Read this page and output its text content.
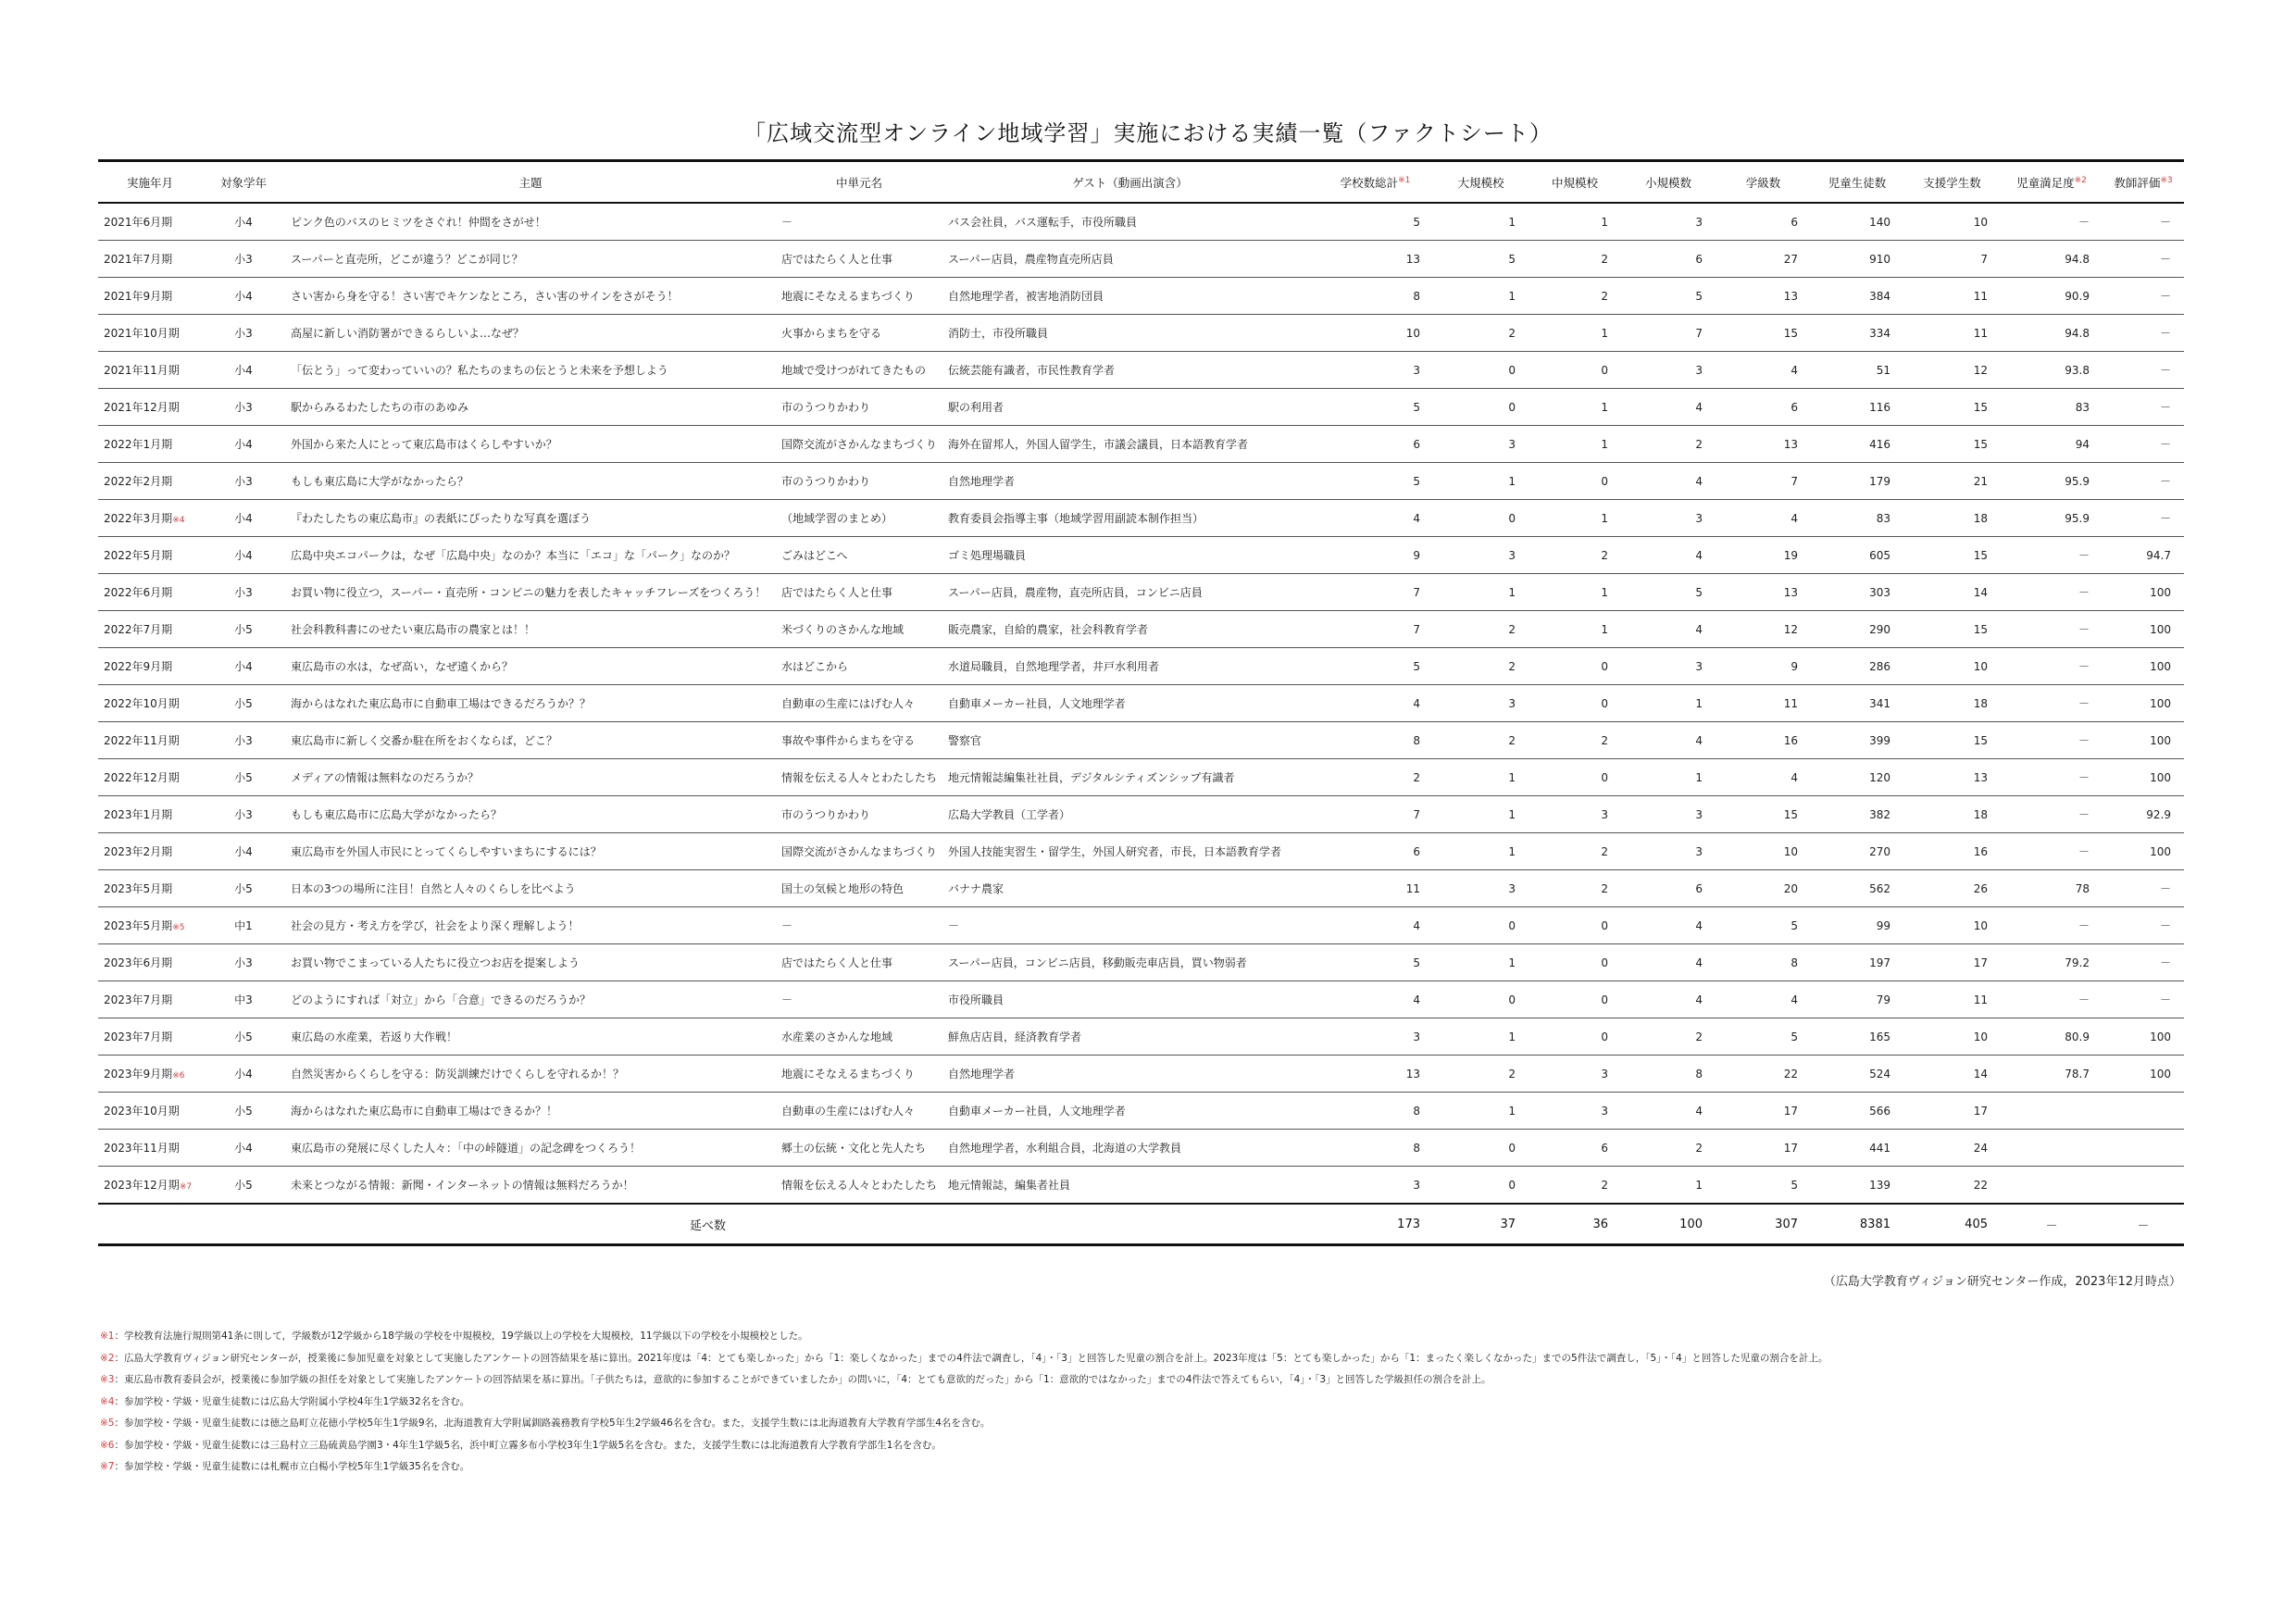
「広域交流型オンライン地域学習」実施における実績一覧（ファクトシート）
実施年月	対象学年	主題	中単元名	ゲスト（動画出演含）	学校数総計$^{※1}$	大規模校	中規模校	小規模数	学級数	児童生徒数	支援学生数	児童満足度$^{※2}$	教師評価$^{※3}$
2021年6月期	小4	ピンク色のバスのヒミツをさぐれ！仲間をさがせ！	－	バス会社員，バス運転手，市役所職員	5	1	1	3	6	140	10	－	－
2021年7月期	小3	スーパーと直売所，どこが違う？どこが同じ？	店ではたらく人と仕事	スーパー店員，農産物直売所店員	13	5	2	6	27	910	7	94.8	－
2021年9月期	小4	さい害から身を守る！さい害でキケンなところ，さい害のサインをさがそう！	地震にそなえるまちづくり	自然地理学者，被害地消防団員	8	1	2	5	13	384	11	90.9	－
2021年10月期	小3	高屋に新しい消防署ができるらしいよ…なぜ？	火事からまちを守る	消防士，市役所職員	10	2	1	7	15	334	11	94.8	－
2021年11月期	小4	「伝とう」って変わっていいの？私たちのまちの伝とうと未来を予想しよう	地域で受けつがれてきたもの	伝統芸能有識者，市民性教育学者	3	0	0	3	4	51	12	93.8	－
2021年12月期	小3	駅からみるわたしたちの市のあゆみ	市のうつりかわり	駅の利用者	5	0	1	4	6	116	15	83	－
2022年1月期	小4	外国から来た人にとって東広島市はくらしやすいか？	国際交流がさかんなまちづくり	海外在留邦人，外国人留学生，市議会議員，日本語教育学者	6	3	1	2	13	416	15	94	－
2022年2月期	小3	もしも東広島に大学がなかったら？	市のうつりかわり	自然地理学者	5	1	0	4	7	179	21	95.9	－
2022年3月期※4	小4	『わたしたちの東広島市』の表紙にぴったりな写真を選ぼう	（地域学習のまとめ）	教育委員会指導主事（地域学習用副読本制作担当）	4	0	1	3	4	83	18	95.9	－
2022年5月期	小4	広島中央エコパークは，なぜ「広島中央」なのか？本当に「エコ」な「パーク」なのか？	ごみはどこへ	ゴミ処理場職員	9	3	2	4	19	605	15	－	94.7
2022年6月期	小3	お買い物に役立つ，スーパー・直売所・コンビニの魅力を表したキャッチフレーズをつくろう！	店ではたらく人と仕事	スーパー店員，農産物，直売所店員，コンビニ店員	7	1	1	5	13	303	14	－	100
2022年7月期	小5	社会科教科書にのせたい東広島市の農家とは！！	米づくりのさかんな地域	販売農家，自給的農家，社会科教育学者	7	2	1	4	12	290	15	－	100
2022年9月期	小4	東広島市の水は，なぜ高い，なぜ遠くから？	水はどこから	水道局職員，自然地理学者，井戸水利用者	5	2	0	3	9	286	10	－	100
2022年10月期	小5	海からはなれた東広島市に自動車工場はできるだろうか？？	自動車の生産にはげむ人々	自動車メーカー社員，人文地理学者	4	3	0	1	11	341	18	－	100
2022年11月期	小3	東広島市に新しく交番か駐在所をおくならば，どこ？	事故や事件からまちを守る	警察官	8	2	2	4	16	399	15	－	100
2022年12月期	小5	メディアの情報は無料なのだろうか？	情報を伝える人々とわたしたち	地元情報誌編集社社員，デジタルシティズンシップ有識者	2	1	0	1	4	120	13	－	100
2023年1月期	小3	もしも東広島市に広島大学がなかったら？	市のうつりかわり	広島大学教員（工学者）	7	1	3	3	15	382	18	－	92.9
2023年2月期	小4	東広島市を外国人市民にとってくらしやすいまちにするには？	国際交流がさかんなまちづくり	外国人技能実習生・留学生，外国人研究者，市長，日本語教育学者	6	1	2	3	10	270	16	－	100
2023年5月期	小5	日本の3つの場所に注目！自然と人々のくらしを比べよう	国土の気候と地形の特色	バナナ農家	11	3	2	6	20	562	26	78	－
2023年5月期※5	中1	社会の見方・考え方を学び，社会をより深く理解しよう！	－	－	4	0	0	4	5	99	10	－	－
2023年6月期	小3	お買い物でこまっている人たちに役立つお店を提案しよう	店ではたらく人と仕事	スーパー店員，コンビニ店員，移動販売車店員，買い物弱者	5	1	0	4	8	197	17	79.2	－
2023年7月期	中3	どのようにすれば「対立」から「合意」できるのだろうか？	－	市役所職員	4	0	0	4	4	79	11	－	－
2023年7月期	小5	東広島の水産業，若返り大作戦！	水産業のさかんな地域	鮮魚店店員，経済教育学者	3	1	0	2	5	165	10	80.9	100
2023年9月期※6	小4	自然災害からくらしを守る：防災訓練だけでくらしを守れるか！？	地震にそなえるまちづくり	自然地理学者	13	2	3	8	22	524	14	78.7	100
2023年10月期	小5	海からはなれた東広島市に自動車工場はできるか？！	自動車の生産にはげむ人々	自動車メーカー社員，人文地理学者	8	1	3	4	17	566	17		
2023年11月期	小4	東広島市の発展に尽くした人々：「中の峠隧道」の記念碑をつくろう！	郷土の伝統・文化と先人たち	自然地理学者，水利組合員，北海道の大学教員	8	0	6	2	17	441	24		
2023年12月期※7	小5	未来とつながる情報：新聞・インターネットの情報は無料だろうか！	情報を伝える人々とわたしたち	地元情報誌，編集者社員	3	0	2	1	5	139	22		
延べ数					173	37	36	100	307	8381	405	－	－
（広島大学教育ヴィジョン研究センター作成，2023年12月時点）
※1：学校教育法施行規則第41条に則して，学級数が12学級から18学級の学校を中規模校，19学級以上の学校を大規模校，11学級以下の学校を小規模校とした。
※2：広島大学教育ヴィジョン研究センターが，授業後に参加児童を対象として実施したアンケートの回答結果を基に算出。2021年度は「4：とても楽しかった」から「1：楽しくなかった」までの4件法で調査し，「4」・「3」と回答した児童の割合を計上。2023年度は「5：とても楽しかった」から「1：まったく楽しくなかった」までの5件法で調査し，「5」・「4」と回答した児童の割合を計上。
※3：東広島市教育委員会が，授業後に参加学級の担任を対象として実施したアンケートの回答結果を基に算出。「子供たちは，意欲的に参加することができていましたか」の問いに，「4：とても意欲的だった」から「1：意欲的ではなかった」までの4件法で答えてもらい，「4」・「3」と回答した学級担任の割合を計上。
※4：参加学校・学級・児童生徒数には広島大学附属小学校4年生1学級32名を含む。
※5：参加学校・学級・児童生徒数には徳之島町立花徳小学校5年生1学級9名，北海道教育大学附属釧路義務教育学校5年生2学級46名を含む。また，支援学生数には北海道教育大学教育学部生4名を含む。
※6：参加学校・学級・児童生徒数には三島村立三島硫黄島学園3・4年生1学級5名，浜中町立霧多布小学校3年生1学級5名を含む。また，支援学生数には北海道教育大学教育学部生1名を含む。
※7：参加学校・学級・児童生徒数には札幌市立白楊小学校5年生1学級35名を含む。
